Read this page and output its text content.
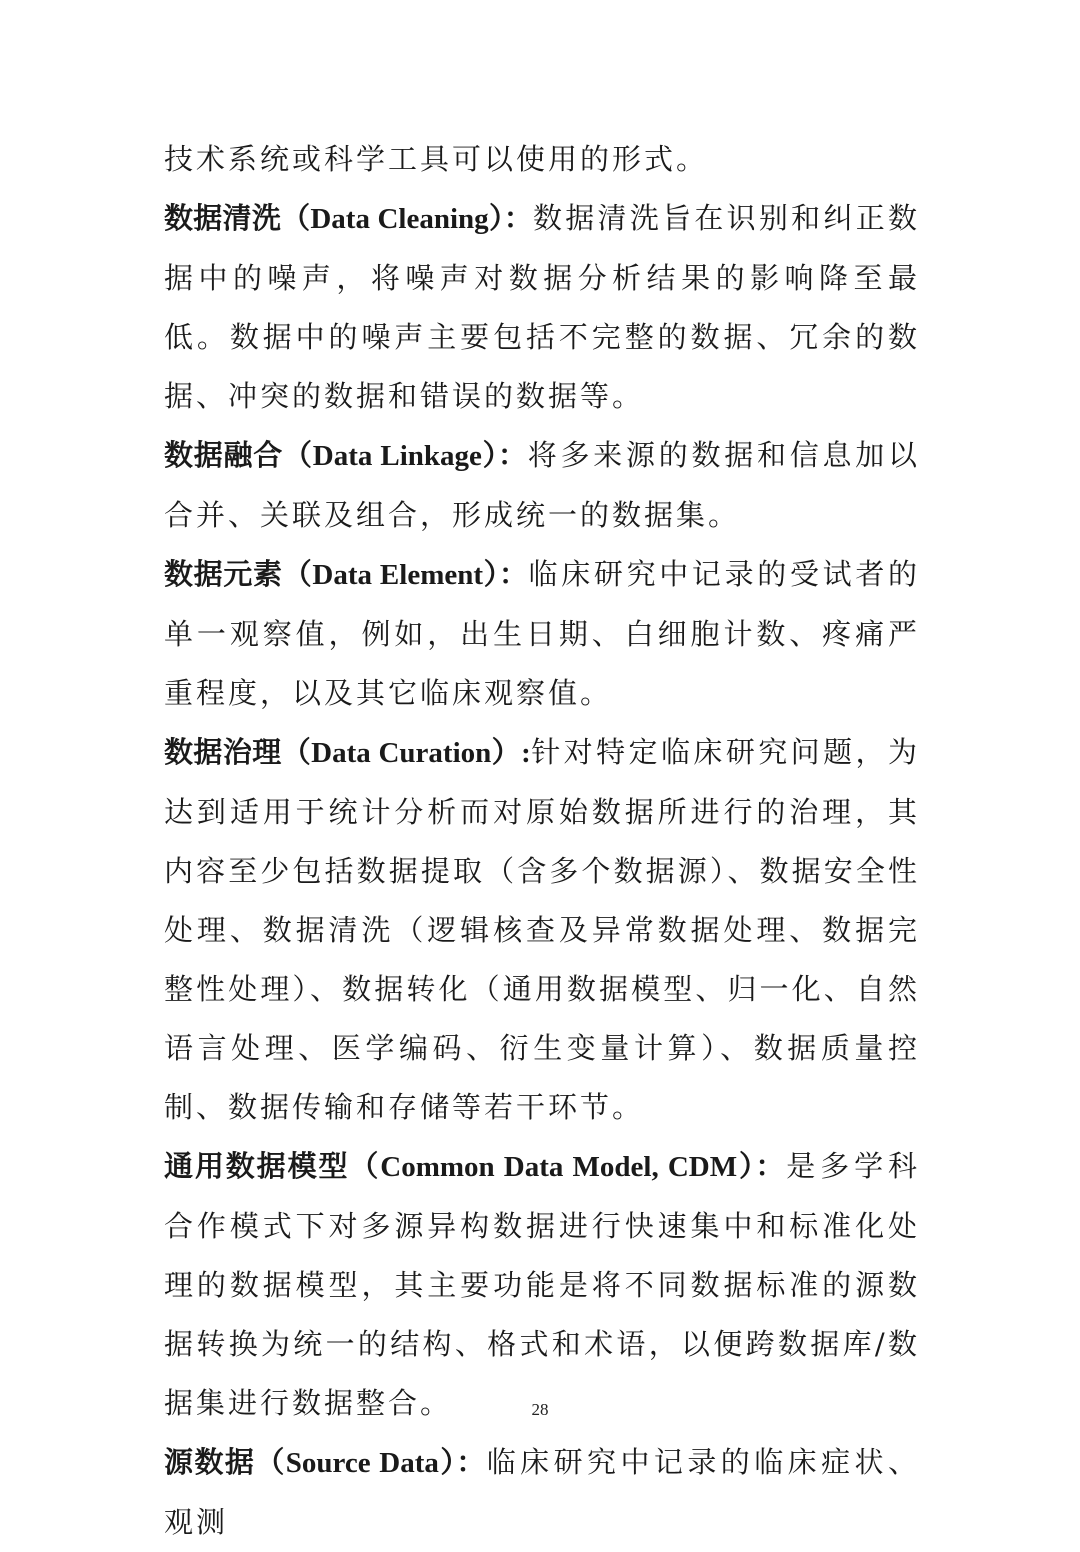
技术系统或科学工具可以使用的形式。

数据清洗（Data Cleaning）：数据清洗旨在识别和纠正数据中的噪声，将噪声对数据分析结果的影响降至最低。数据中的噪声主要包括不完整的数据、冗余的数据、冲突的数据和错误的数据等。

数据融合（Data Linkage）：将多来源的数据和信息加以合并、关联及组合，形成统一的数据集。

数据元素（Data Element）：临床研究中记录的受试者的单一观察值，例如，出生日期、白细胞计数、疼痛严重程度，以及其它临床观察值。

数据治理（Data Curation）:针对特定临床研究问题，为达到适用于统计分析而对原始数据所进行的治理，其内容至少包括数据提取（含多个数据源）、数据安全性处理、数据清洗（逻辑核查及异常数据处理、数据完整性处理）、数据转化（通用数据模型、归一化、自然语言处理、医学编码、衍生变量计算）、数据质量控制、数据传输和存储等若干环节。

通用数据模型（Common Data Model, CDM）：是多学科合作模式下对多源异构数据进行快速集中和标准化处理的数据模型，其主要功能是将不同数据标准的源数据转换为统一的结构、格式和术语，以便跨数据库/数据集进行数据整合。

源数据（Source Data）：临床研究中记录的临床症状、观测

28
